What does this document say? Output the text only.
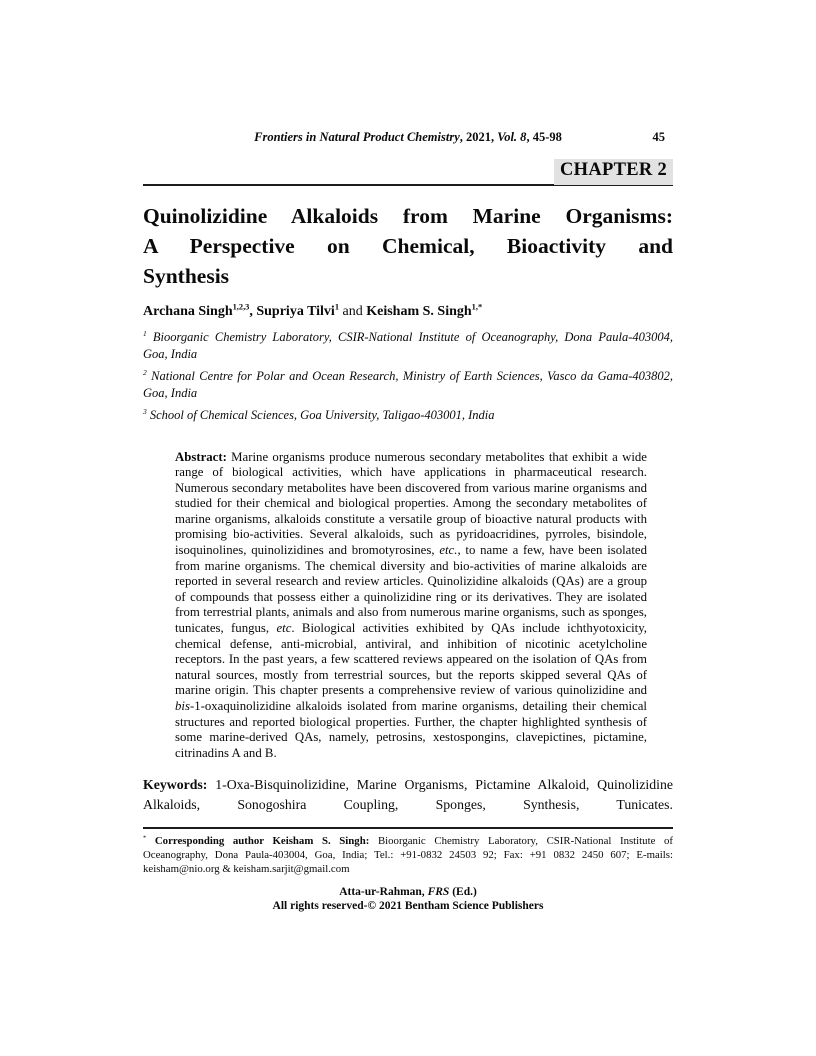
Frontiers in Natural Product Chemistry, 2021, Vol. 8, 45-98	45
CHAPTER 2
Quinolizidine Alkaloids from Marine Organisms:
A Perspective on Chemical, Bioactivity and
Synthesis
Archana Singh$^{1,2,3}$, Supriya Tilvi$^1$ and Keisham S. Singh$^{1,*}$
$^1$ Bioorganic Chemistry Laboratory, CSIR-National Institute of Oceanography, Dona Paula-403004, Goa, India
$^2$ National Centre for Polar and Ocean Research, Ministry of Earth Sciences, Vasco da Gama-403802, Goa, India
$^3$ School of Chemical Sciences, Goa University, Taligao-403001, India
Abstract: Marine organisms produce numerous secondary metabolites that exhibit a wide range of biological activities, which have applications in pharmaceutical research. Numerous secondary metabolites have been discovered from various marine organisms and studied for their chemical and biological properties. Among the secondary metabolites of marine organisms, alkaloids constitute a versatile group of bioactive natural products with promising bio-activities. Several alkaloids, such as pyridoacridines, pyrroles, bisindole, isoquinolines, quinolizidines and bromotyrosines, etc., to name a few, have been isolated from marine organisms. The chemical diversity and bio-activities of marine alkaloids are reported in several research and review articles. Quinolizidine alkaloids (QAs) are a group of compounds that possess either a quinolizidine ring or its derivatives. They are isolated from terrestrial plants, animals and also from numerous marine organisms, such as sponges, tunicates, fungus, etc. Biological activities exhibited by QAs include ichthyotoxicity, chemical defense, anti-microbial, antiviral, and inhibition of nicotinic acetylcholine receptors. In the past years, a few scattered reviews appeared on the isolation of QAs from natural sources, mostly from terrestrial sources, but the reports skipped several QAs of marine origin. This chapter presents a comprehensive review of various quinolizidine and bis-1-oxaquinolizidine alkaloids isolated from marine organisms, detailing their chemical structures and reported biological properties. Further, the chapter highlighted synthesis of some marine-derived QAs, namely, petrosins, xestospongins, clavepictines, pictamine, citrinadins A and B.
Keywords: 1-Oxa-Bisquinolizidine, Marine Organisms, Pictamine Alkaloid, Quinolizidine Alkaloids, Sonogoshira Coupling, Sponges, Synthesis, Tunicates.
* Corresponding author Keisham S. Singh: Bioorganic Chemistry Laboratory, CSIR-National Institute of Oceanography, Dona Paula-403004, Goa, India; Tel.: +91-0832 24503 92; Fax: +91 0832 2450 607; E-mails: keisham@nio.org & keisham.sarjit@gmail.com
Atta-ur-Rahman, FRS (Ed.)
All rights reserved-© 2021 Bentham Science Publishers
